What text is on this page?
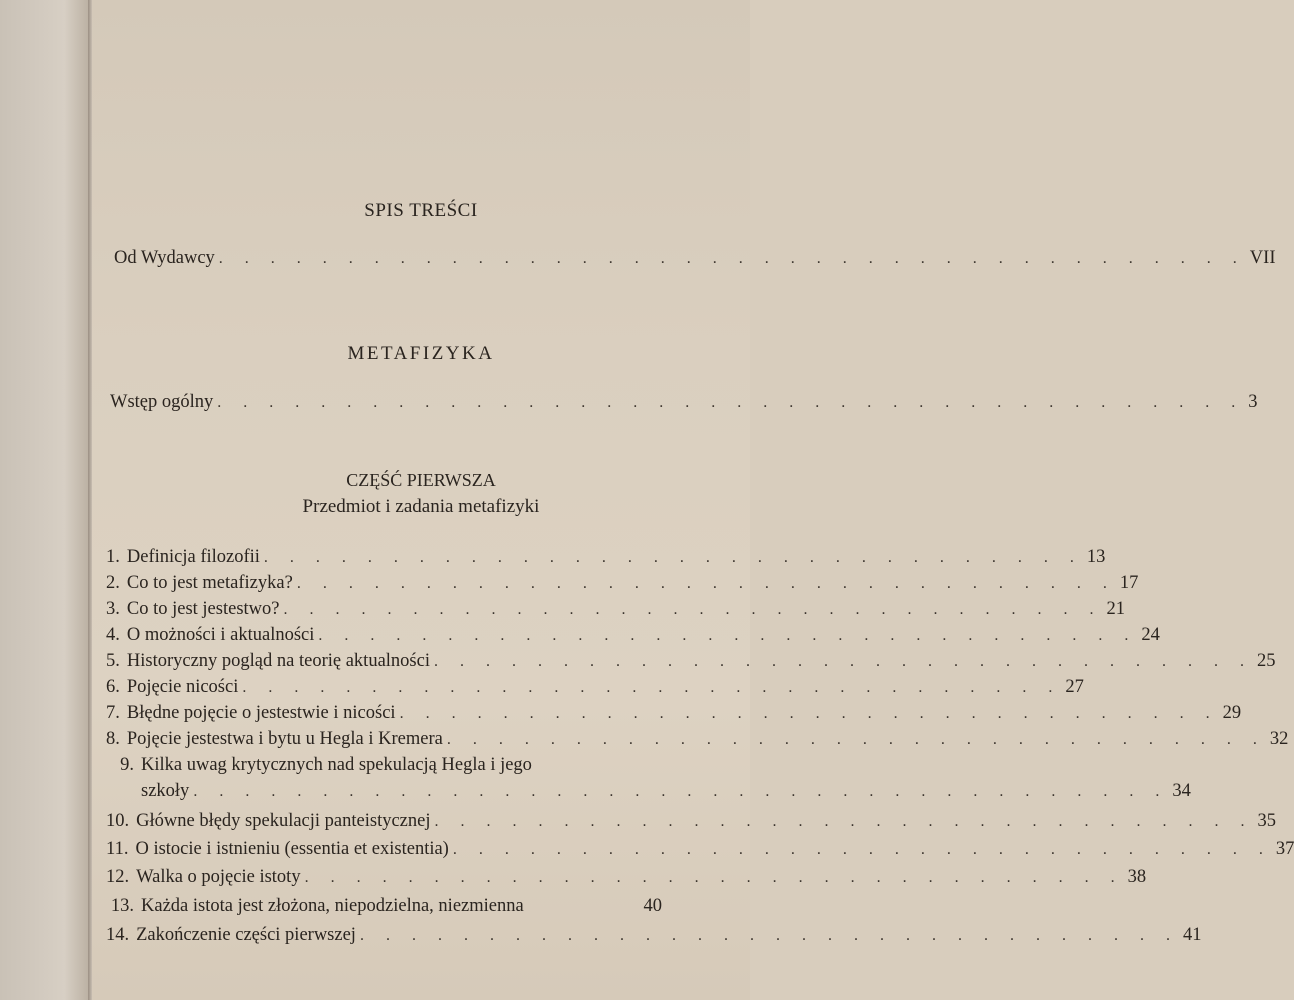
SPIS TREŚCI
Od Wydawcy . . . . . . . . . . . . . . . . . . . . . . . . . . . . . . . . . . . . . . . . VII
METAFIZYKA
Wstęp ogólny . . . . . . . . . . . . . . . . . . . . . . . . . . . . . . . . . . . . . . . . 3
CZĘŚĆ PIERWSZA
Przedmiot i zadania metafizyki
1. Definicja filozofii . . . . . . . . . . . . . . . . . . . . . . . . . . . . . . . . 13
2. Co to jest metafizyka? . . . . . . . . . . . . . . . . . . . . . . . . . . . . . . . . 17
3. Co to jest jestestwo? . . . . . . . . . . . . . . . . . . . . . . . . . . . . . . . . 21
4. O możności i aktualności . . . . . . . . . . . . . . . . . . . . . . . . . . . . . . . . 24
5. Historyczny pogląd na teorię aktualności . . . . . . . . . . . . . . . . . . . . . . . . . . . . . . . . 25
6. Pojęcie nicości . . . . . . . . . . . . . . . . . . . . . . . . . . . . . . . . 27
7. Błędne pojęcie o jestestwie i nicości . . . . . . . . . . . . . . . . . . . . . . . . . . . . . . . . 29
8. Pojęcie jestestwa i bytu u Hegla i Kremera . . . . . . . . . . . . . . . . . . . . . . . . . . . . . . . . 32
9. Kilka uwag krytycznych nad spekulacją Hegla i jego
szkoły . . . . . . . . . . . . . . . . . . . . . . . . . . . . . . . . . . . . . . 34
10. Główne błędy spekulacji panteistycznej . . . . . . . . . . . . . . . . . . . . . . . . . . . . . . . . 35
11. O istocie i istnieniu (essentia et existentia) . . . . . . . . . . . . . . . . . . . . . . . . . . . . . . . . 37
12. Walka o pojęcie istoty . . . . . . . . . . . . . . . . . . . . . . . . . . . . . . . . 38
13. Każda istota jest złożona, niepodzielna, niezmienna	40
14. Zakończenie części pierwszej . . . . . . . . . . . . . . . . . . . . . . . . . . . . . . . . 41
